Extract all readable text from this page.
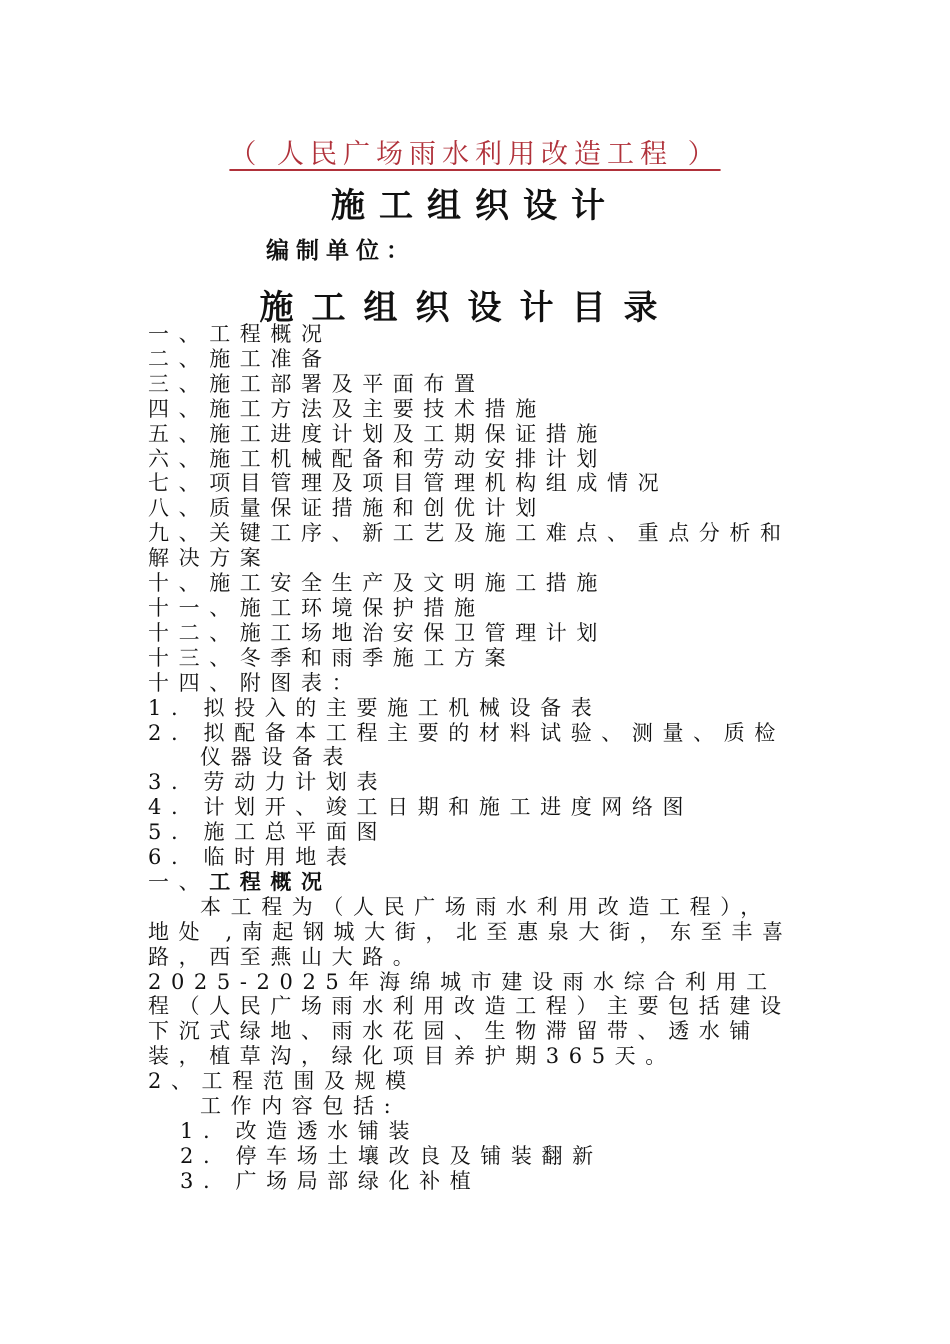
（ 人民广场雨水利用改造工程 ）
施工组织设计
编制单位：
施工组织设计目录
一、工程概况
二、施工准备
三、施工部署及平面布置
四、施工方法及主要技术措施
五、施工进度计划及工期保证措施
六、施工机械配备和劳动安排计划
七、项目管理及项目管理机构组成情况
八、质量保证措施和创优计划
九、关键工序、新工艺及施工难点、重点分析和解决方案
十、施工安全生产及文明施工措施
十一、施工环境保护措施
十二、施工场地治安保卫管理计划
十三、冬季和雨季施工方案
十四、附图表：
1. 拟投入的主要施工机械设备表
2. 拟配备本工程主要的材料试验、测量、质检仪器设备表
3. 劳动力计划表
4. 计划开、竣工日期和施工进度网络图
5. 施工总平面图
6. 临时用地表
一、工程概况
本工程为（人民广场雨水利用改造工程），地处 ,南起钢城大街，北至惠泉大街，东至丰喜路，西至燕山大路。
2025-2025年海绵城市建设雨水综合利用工程（人民广场雨水利用改造工程）主要包括建设下沉式绿地、雨水花园、生物滞留带、透水铺装，植草沟，绿化项目养护期365天。
2、工程范围及规模
工作内容包括:
1. 改造透水铺装
2. 停车场土壤改良及铺装翻新
3. 广场局部绿化补植
